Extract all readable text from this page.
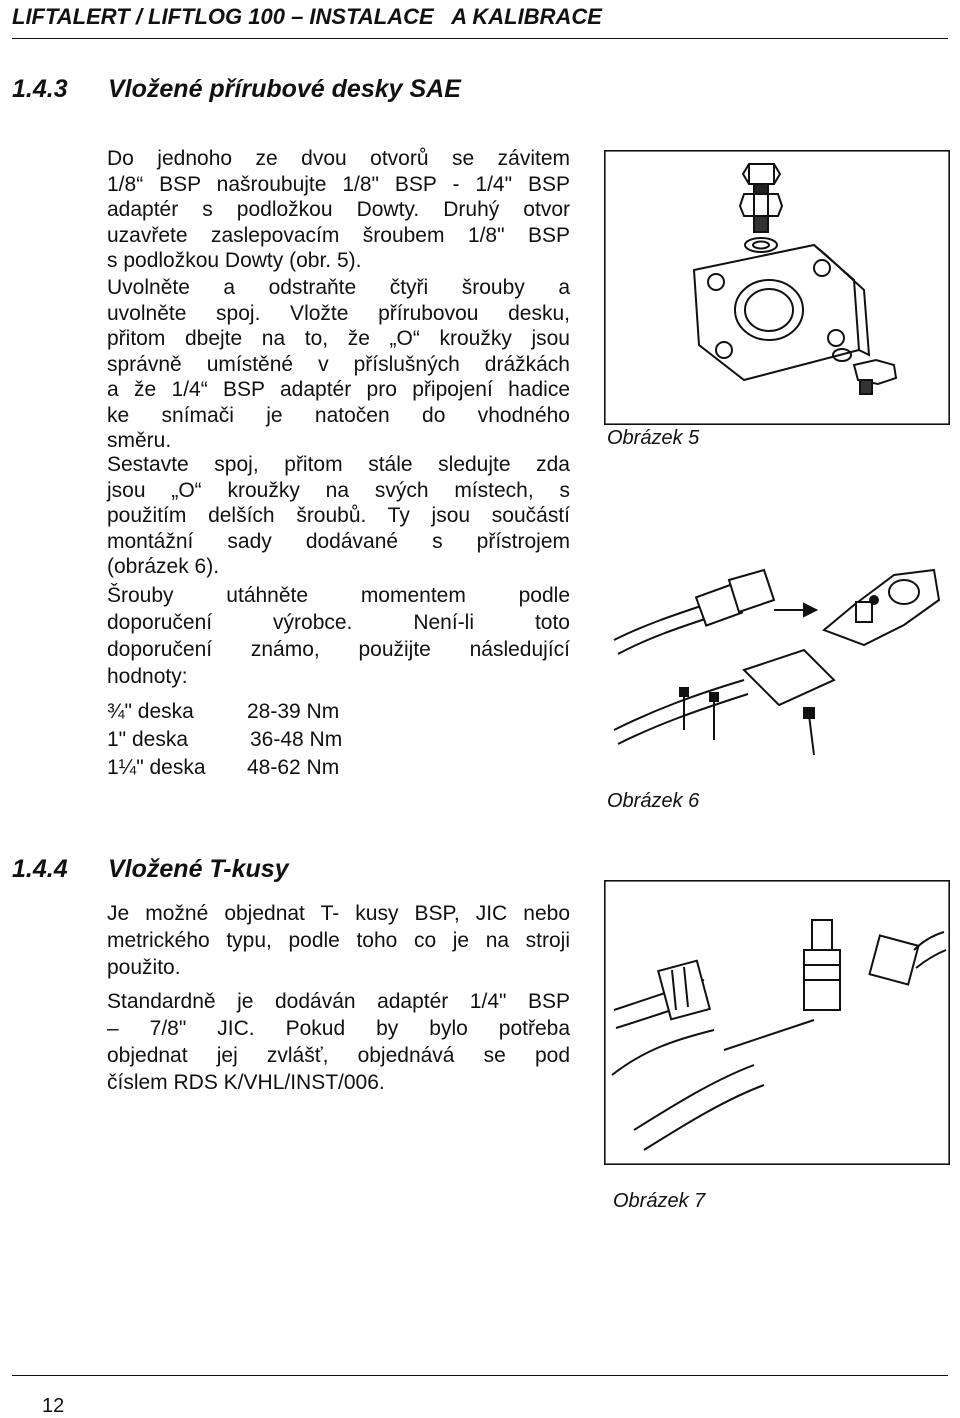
LIFTALERT / LIFTLOG 100 – INSTALACE   A KALIBRACE
1.4.3 Vložené přírubové desky SAE
Do jednoho ze dvou otvorů se závitem
1/8“ BSP našroubujte 1/8" BSP - 1/4" BSP
adaptér s podložkou Dowty. Druhý otvor
uzavřete zaslepovacím šroubem 1/8" BSP
s podložkou Dowty (obr. 5).
Uvolněte a odstraňte čtyři šrouby a
uvolněte spoj. Vložte přírubovou desku,
přitom dbejte na to, že „O“ kroužky jsou
správně umístěné v příslušných drážkách
a že 1/4“ BSP adaptér pro připojení hadice
ke snímači je natočen do vhodného
směru.
Sestavte spoj, přitom stále sledujte zda
jsou „O“ kroužky na svých místech, s
použitím delších šroubů. Ty jsou součástí
montážní sady dodávané s přístrojem
(obrázek 6).
Šrouby utáhněte momentem podle
doporučení výrobce. Není-li toto
doporučení známo, použijte následující
hodnoty:
¾" deska	28-39 Nm
1" deska	36-48 Nm
1¼" deska 48-62 Nm
Obrázek 5
Obrázek 6
1.4.4 Vložené T-kusy
Je možné objednat T- kusy BSP, JIC nebo
metrického typu, podle toho co je na stroji
použito.
Standardně je dodáván adaptér 1/4" BSP
– 7/8" JIC. Pokud by bylo potřeba
objednat jej zvlášť, objednává se pod
číslem RDS K/VHL/INST/006.
Obrázek 7
12
